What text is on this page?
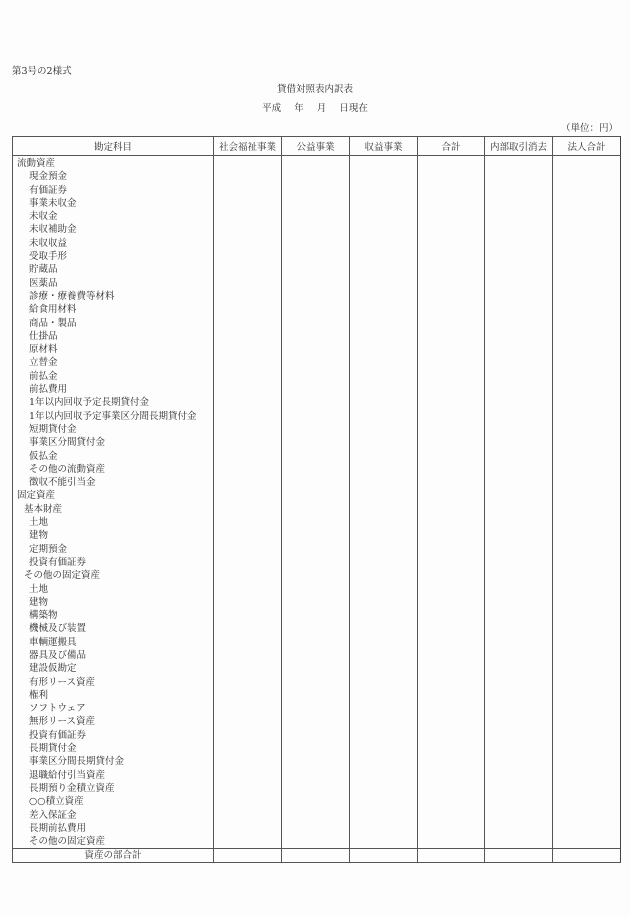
第3号の2様式
貸借対照表内訳表
平成 年 月 日現在
（単位：円）
勘定科目	社会福祉事業	公益事業	収益事業	合計	内部取引消去	法人合計
流動資産						
現金預金						
有価証券						
事業未収金						
未収金						
未収補助金						
未収収益						
受取手形						
貯蔵品						
医薬品						
診療・療養費等材料						
給食用材料						
商品・製品						
仕掛品						
原材料						
立替金						
前払金						
前払費用						
1年以内回収予定長期貸付金						
1年以内回収予定事業区分間長期貸付金						
短期貸付金						
事業区分間貸付金						
仮払金						
その他の流動資産						
徴収不能引当金						
固定資産						
基本財産						
土地						
建物						
定期預金						
投資有価証券						
その他の固定資産						
土地						
建物						
構築物						
機械及び装置						
車輌運搬具						
器具及び備品						
建設仮勘定						
有形リース資産						
権利						
ソフトウェア						
無形リース資産						
投資有価証券						
長期貸付金						
事業区分間長期貸付金						
退職給付引当資産						
長期預り金積立資産						
○○積立資産						
差入保証金						
長期前払費用						
その他の固定資産						
資産の部合計						
